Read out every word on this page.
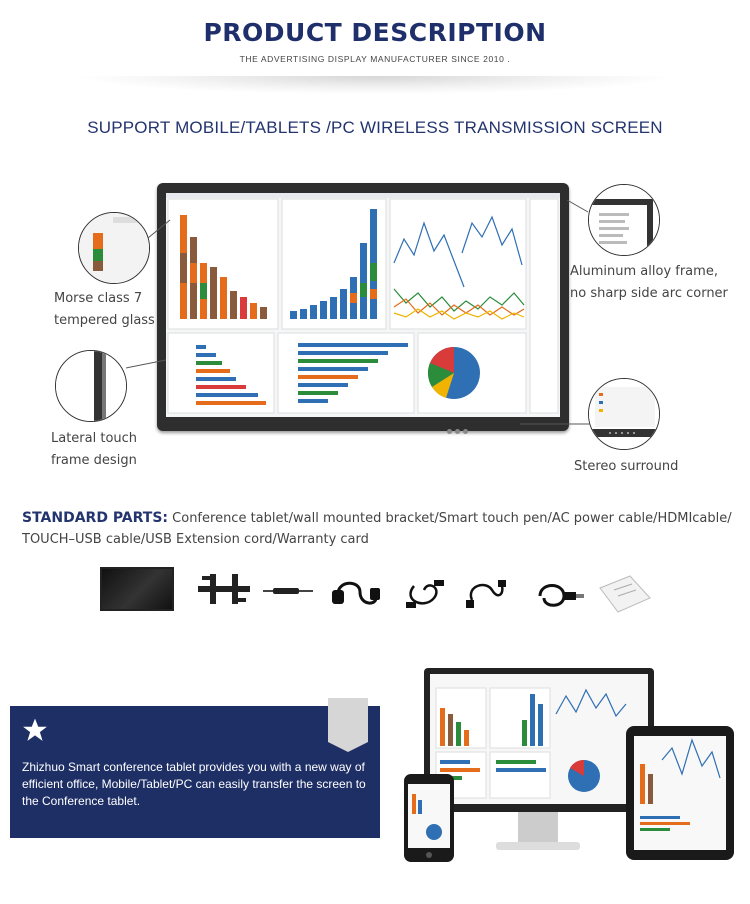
PRODUCT DESCRIPTION
THE ADVERTISING DISPLAY MANUFACTURER SINCE 2010 .
SUPPORT MOBILE/TABLETS /PC WIRELESS TRANSMISSION SCREEN
Morse class 7
tempered glass
Aluminum alloy frame,
no sharp side arc corner
Lateral touch
frame design	Stereo surround
STANDARD PARTS: Conference tablet/wall mounted bracket/Smart touch pen/AC power cable/HDMIcable/ TOUCH–USB cable/USB Extension cord/Warranty card
Zhizhuo Smart conference tablet provides you with a new way of efficient office, Mobile/Tablet/PC can easily transfer the screen to the Conference tablet.
